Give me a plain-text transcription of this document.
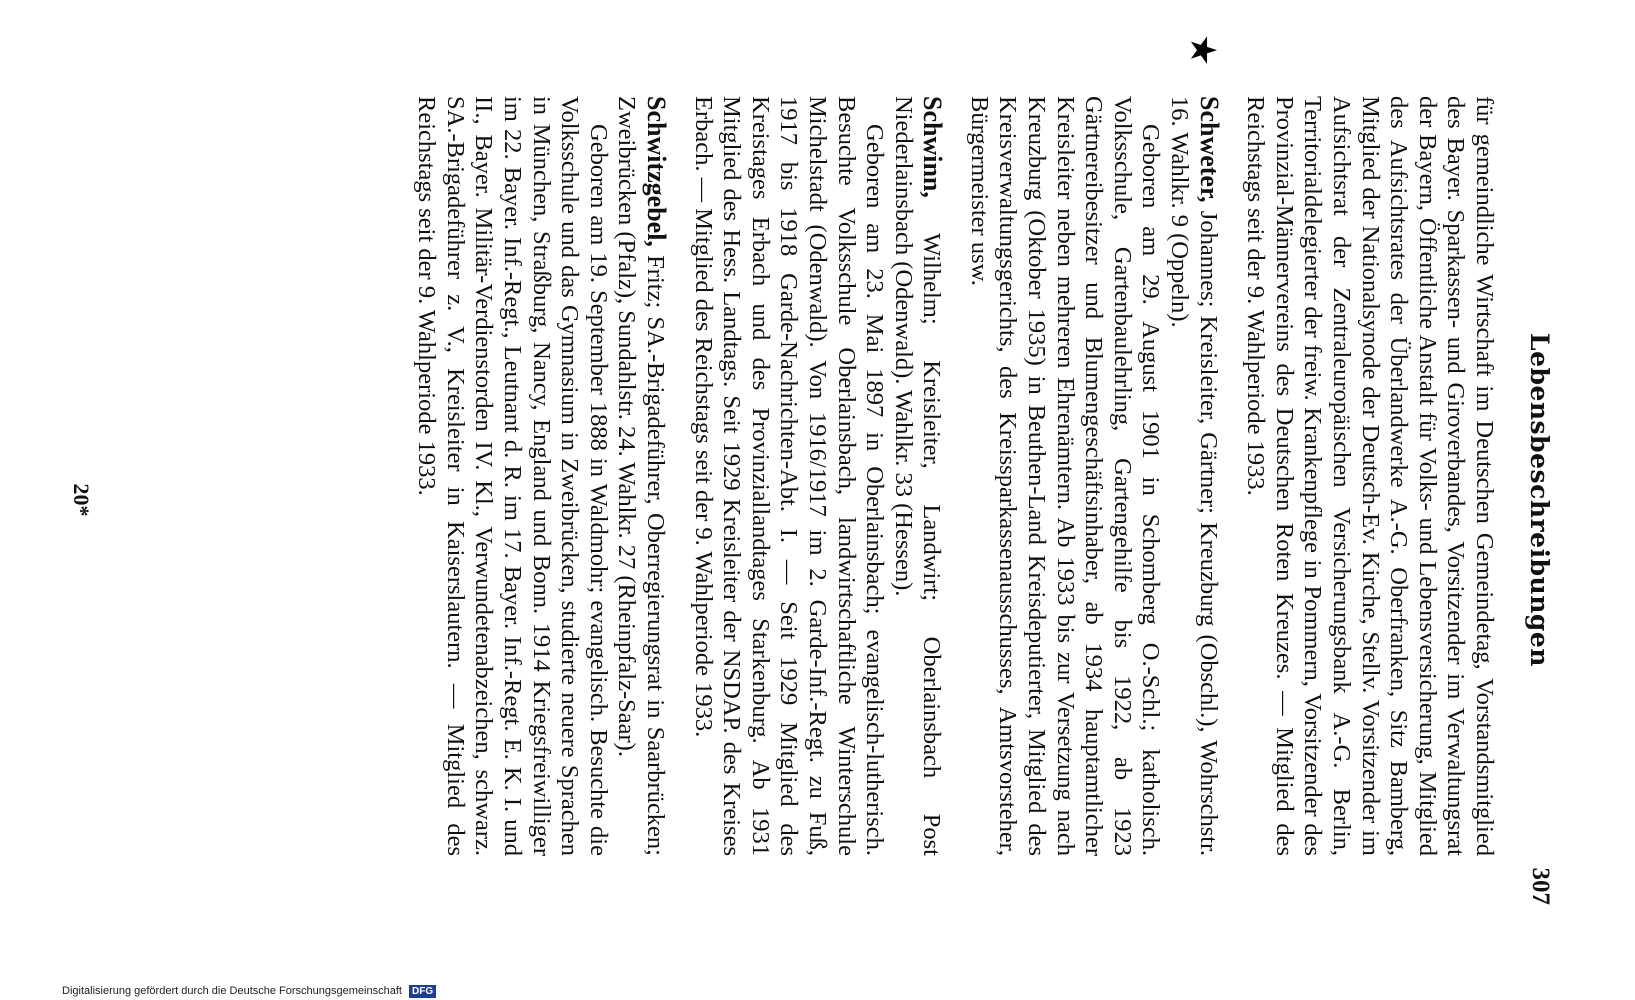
Lebensbeschreibungen
307

für gemeindliche Wirtschaft im Deutschen Gemeindetag, Vorstandsmitglied des Bayer. Sparkassen- und Giroverbandes, Vorsitzender im Verwaltungsrat der Bayern, Öffentliche Anstalt für Volks- und Lebensversicherung, Mitglied des Aufsichtsrates der Überlandwerke A.-G. Oberfranken, Sitz Bamberg, Mitglied der Nationalsynode der Deutsch-Ev. Kirche, Stellv. Vorsitzender im Aufsichtsrat der Zentraleuropäischen Versicherungsbank A.-G. Berlin, Territorialdelegierter der freiw. Krankenpflege in Pommern, Vorsitzender des Provinzial-Männervereins des Deutschen Roten Kreuzes. — Mitglied des Reichstags seit der 9. Wahlperiode 1933.

★

Schweter, Johannes; Kreisleiter, Gärtner; Kreuzburg (Obschl.), Wohrschstr. 16. Wahlkr. 9 (Oppeln).

Geboren am 29. August 1901 in Schomberg O.-Schl.; katholisch. Volksschule, Gartenbaulehrling, Gartengehilfe bis 1922, ab 1923 Gärtnereibesitzer und Blumengeschäftsinhaber, ab 1934 hauptamtlicher Kreisleiter neben mehreren Ehrenämtern. Ab 1933 bis zur Versetzung nach Kreuzburg (Oktober 1935) in Beuthen-Land Kreisdeputierter, Mitglied des Kreisverwaltungsgerichts, des Kreissparkassenausschusses, Amtsvorsteher, Bürgermeister usw.

Schwinn, Wilhelm; Kreisleiter, Landwirt; Oberlainsbach Post Niederlainsbach (Odenwald). Wahlkr. 33 (Hessen).

Geboren am 23. Mai 1897 in Oberlainsbach; evangelisch-lutherisch. Besuchte Volksschule Oberlainsbach, landwirtschaftliche Winterschule Michelstadt (Odenwald). Von 1916/1917 im 2. Garde-Inf.-Regt. zu Fuß, 1917 bis 1918 Garde-Nachrichten-Abt. I. — Seit 1929 Mitglied des Kreistages Erbach und des Provinziallandtages Starkenburg. Ab 1931 Mitglied des Hess. Landtags. Seit 1929 Kreisleiter der NSDAP. des Kreises Erbach. — Mitglied des Reichstags seit der 9. Wahlperiode 1933.

Schwitzgebel, Fritz; SA.-Brigadeführer, Oberregierungsrat in Saarbrücken; Zweibrücken (Pfalz), Sundahlstr. 24. Wahlkr. 27 (Rheinpfalz-Saar).

Geboren am 19. September 1888 in Waldmohr; evangelisch. Besuchte die Volksschule und das Gymnasium in Zweibrücken, studierte neuere Sprachen in München, Straßburg, Nancy, England und Bonn. 1914 Kriegsfreiwilliger im 22. Bayer. Inf.-Regt., Leutnant d. R. im 17. Bayer. Inf.-Regt. E. K. I. und II., Bayer. Militär-Verdienstorden IV. Kl., Verwundetenabzeichen, schwarz. SA.-Brigadeführer z. V., Kreisleiter in Kaiserslautern. — Mitglied des Reichstags seit der 9. Wahlperiode 1933.

20*
Digitalisierung gefördert durch die Deutsche Forschungsgemeinschaft DFG
